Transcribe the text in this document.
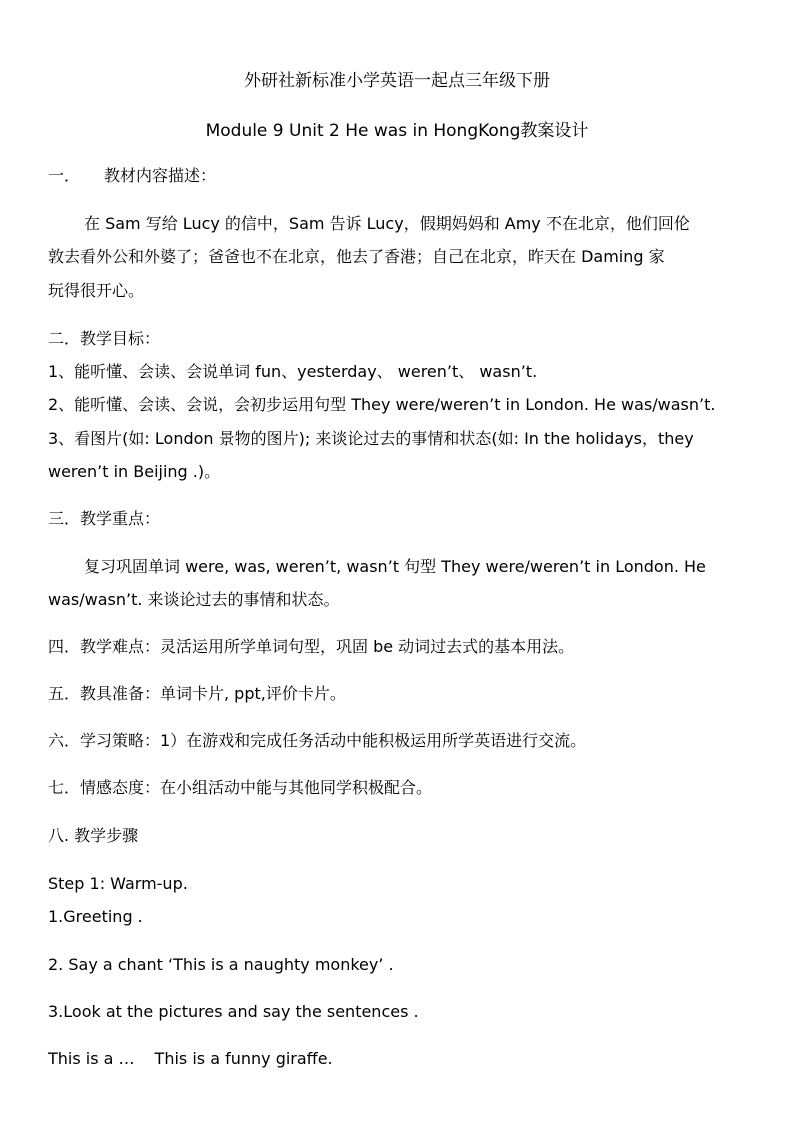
外研社新标准小学英语一起点三年级下册
Module 9 Unit 2 He was in HongKong教案设计
一． 教材内容描述：
在 Sam 写给 Lucy 的信中，Sam 告诉 Lucy，假期妈妈和 Amy 不在北京，他们回伦
敦去看外公和外婆了；爸爸也不在北京，他去了香港；自己在北京，昨天在 Daming 家
玩得很开心。
二．教学目标：
1、能听懂、会读、会说单词 fun、yesterday、 weren’t、 wasn’t.
2、能听懂、会读、会说，会初步运用句型 They were/weren’t in London. He was/wasn’t.
3、看图片(如: London 景物的图片); 来谈论过去的事情和状态(如: In the holidays，they
weren’t in Beijing .)。
三．教学重点：
复习巩固单词 were, was, weren’t, wasn’t 句型 They were/weren’t in London. He
was/wasn’t. 来谈论过去的事情和状态。
四．教学难点：灵活运用所学单词句型，巩固 be 动词过去式的基本用法。
五．教具准备：单词卡片, ppt,评价卡片。
六．学习策略：1）在游戏和完成任务活动中能积极运用所学英语进行交流。
七．情感态度：在小组活动中能与其他同学积极配合。
八. 教学步骤
Step 1: Warm-up.
1.Greeting .
2. Say a chant ‘This is a naughty monkey’ .
3.Look at the pictures and say the sentences .
This is a … This is a funny giraffe.
